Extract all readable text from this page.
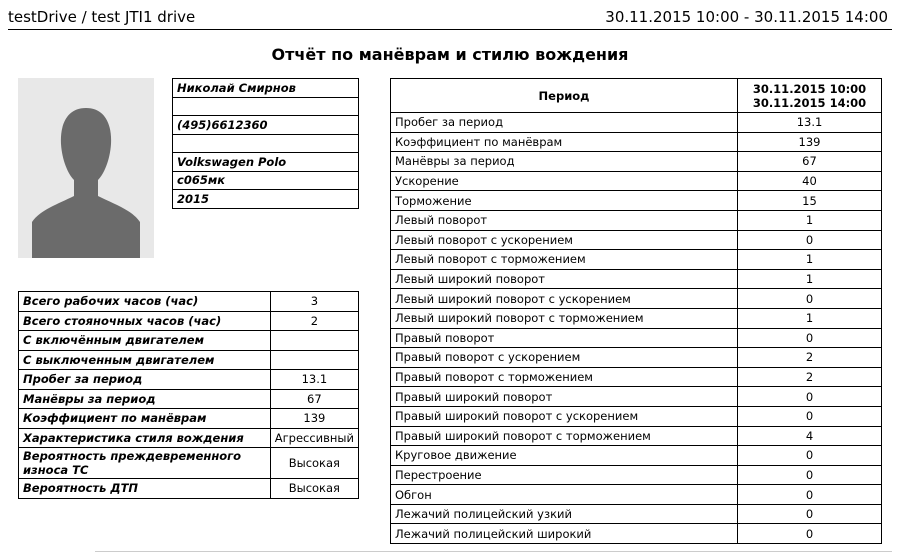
testDrive / test JTI1 drive	30.11.2015 10:00 - 30.11.2015 14:00
Отчёт по манёврам и стилю вождения
Николай Смирнов

(495)6612360

Volkswagen Polo
с065мк
2015
Всего рабочих часов (час)	3
Всего стояночных часов (час)	2
С включённым двигателем	
С выключенным двигателем	
Пробег за период	13.1
Манёвры за период	67
Коэффициент по манёврам	139
Характеристика стиля вождения	Агрессивный
Вероятность преждевременного износа ТС	Высокая
Вероятность ДТП	Высокая
Период	30.11.2015 10:00
30.11.2015 14:00

Пробег за период	13.1
Коэффициент по манёврам	139
Манёвры за период	67
Ускорение	40
Торможение	15
Левый поворот	1
Левый поворот с ускорением	0
Левый поворот с торможением	1
Левый широкий поворот	1
Левый широкий поворот с ускорением	0
Левый широкий поворот с торможением	1
Правый поворот	0
Правый поворот с ускорением	2
Правый поворот с торможением	2
Правый широкий поворот	0
Правый широкий поворот с ускорением	0
Правый широкий поворот с торможением	4
Круговое движение	0
Перестроение	0
Обгон	0
Лежачий полицейский узкий	0
Лежачий полицейский широкий	0
